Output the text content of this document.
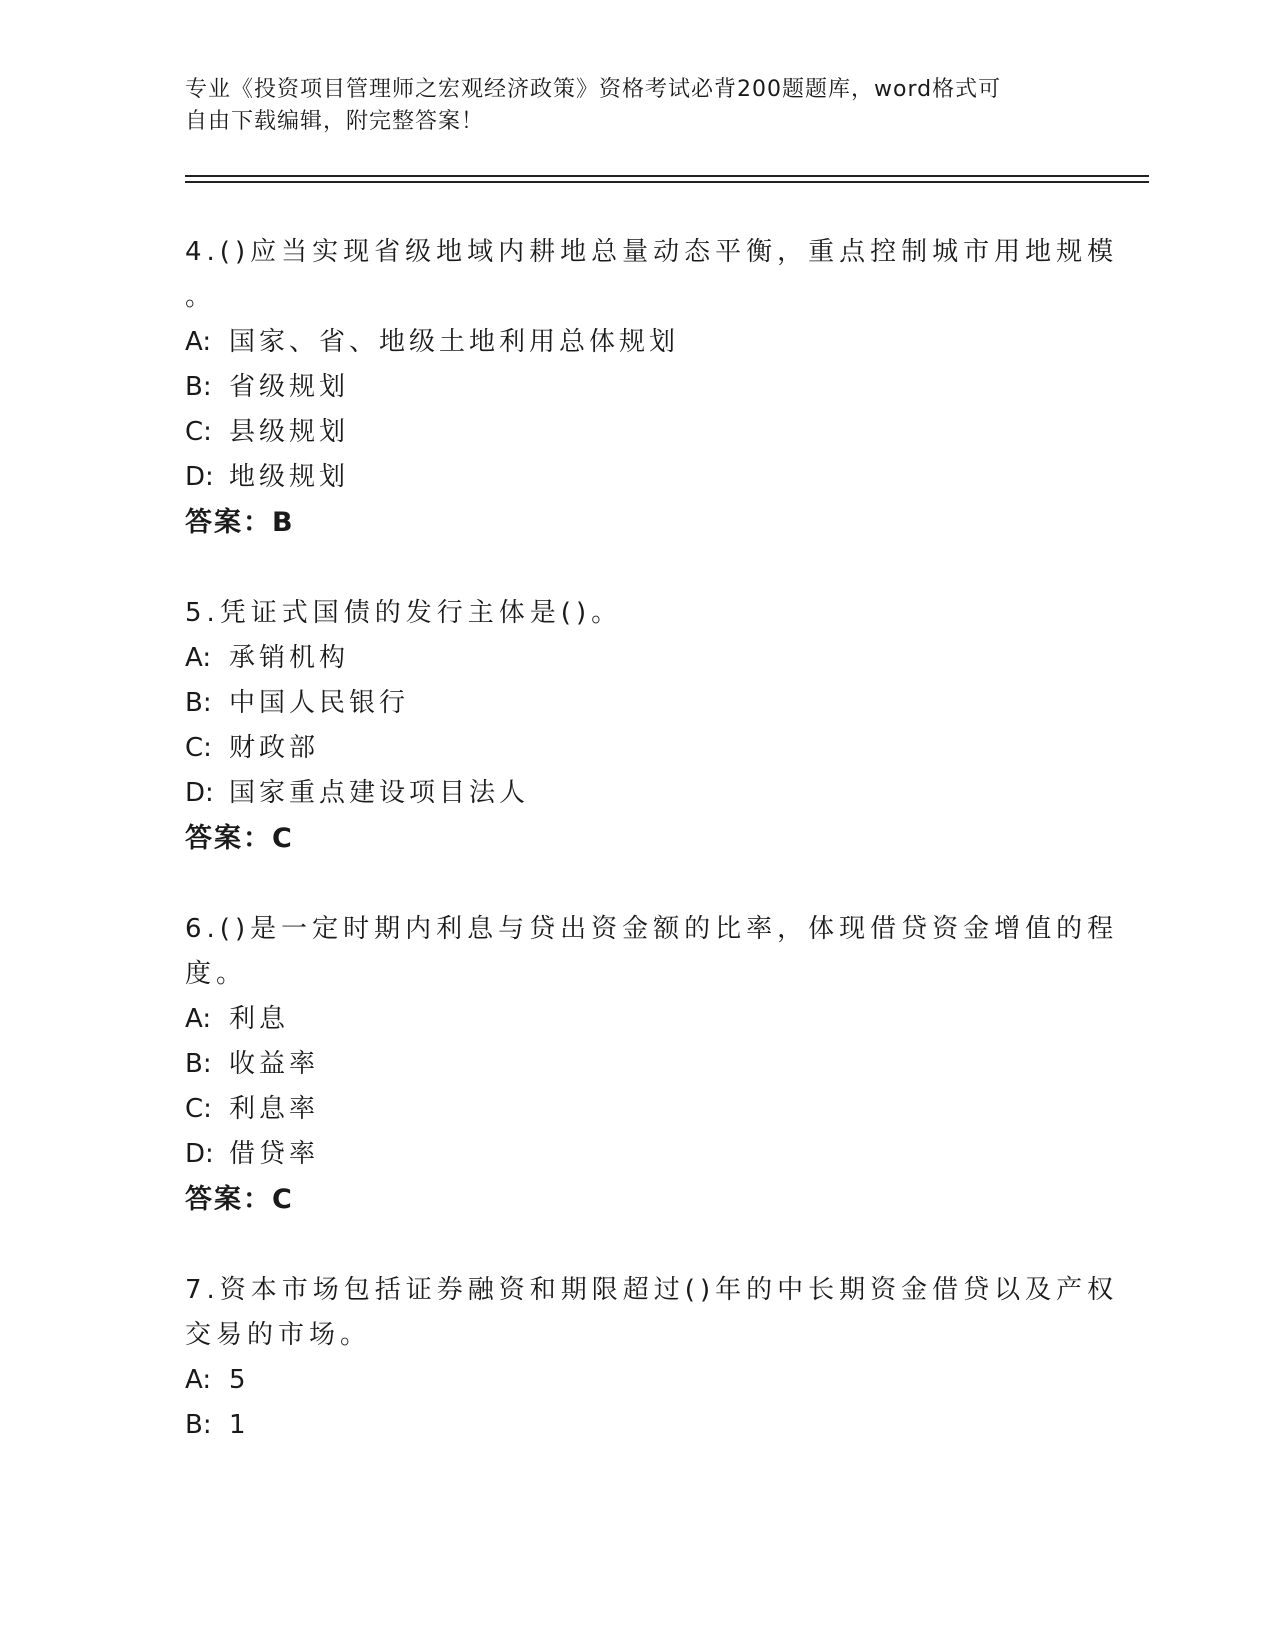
专业《投资项目管理师之宏观经济政策》资格考试必背200题题库，word格式可
自由下载编辑，附完整答案！
4.()应当实现省级地域内耕地总量动态平衡，重点控制城市用地规模
。
A: 国家、省、地级土地利用总体规划
B: 省级规划
C: 县级规划
D: 地级规划
答案：B
5.凭证式国债的发行主体是()。
A: 承销机构
B: 中国人民银行
C: 财政部
D: 国家重点建设项目法人
答案：C
6.()是一定时期内利息与贷出资金额的比率，体现借贷资金增值的程
度。
A: 利息
B: 收益率
C: 利息率
D: 借贷率
答案：C
7.资本市场包括证券融资和期限超过()年的中长期资金借贷以及产权
交易的市场。
A: 5
B: 1
